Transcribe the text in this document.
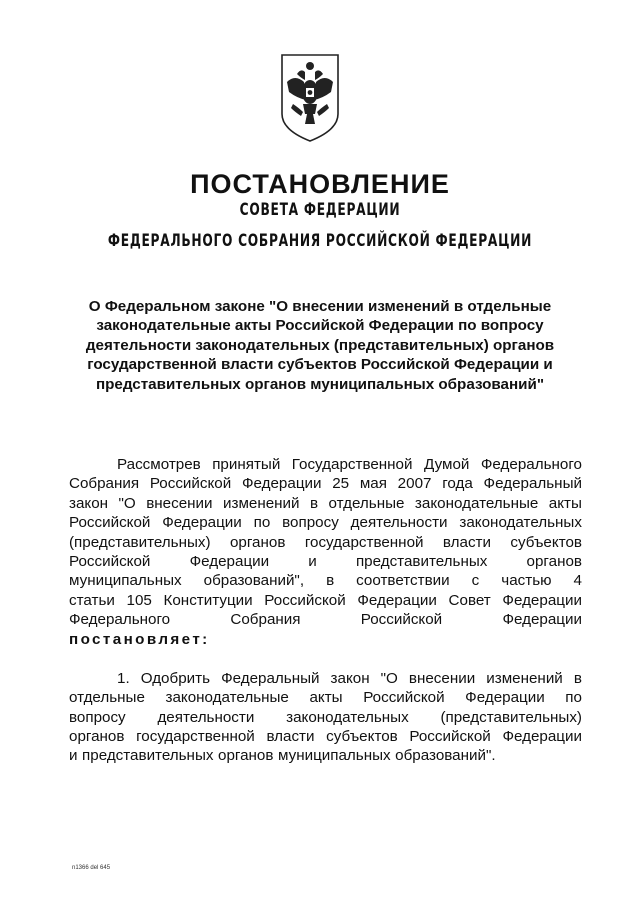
ПОСТАНОВЛЕНИЕ
СОВЕТА ФЕДЕРАЦИИ
ФЕДЕРАЛЬНОГО СОБРАНИЯ РОССИЙСКОЙ ФЕДЕРАЦИИ
О Федеральном законе "О внесении изменений в отдельные
законодательные акты Российской Федерации по вопросу
деятельности законодательных (представительных) органов
государственной власти субъектов Российской Федерации и
представительных органов муниципальных образований"
Рассмотрев принятый Государственной Думой Федерального
Собрания Российской Федерации 25 мая 2007 года Федеральный
закон "О внесении изменений в отдельные законодательные акты
Российской Федерации по вопросу деятельности законодательных
(представительных) органов государственной власти субъектов
Российской	Федерации	и	представительных	органов
муниципальных образований", в соответствии с частью 4
статьи 105 Конституции Российской Федерации Совет Федерации
Федерального	Собрания	Российской	Федерации
постановляет:
1. Одобрить Федеральный закон "О внесении изменений в
отдельные законодательные акты Российской Федерации по
вопросу деятельности законодательных (представительных)
органов государственной власти субъектов Российской Федерации
и представительных органов муниципальных образований".
n1366 del 645
